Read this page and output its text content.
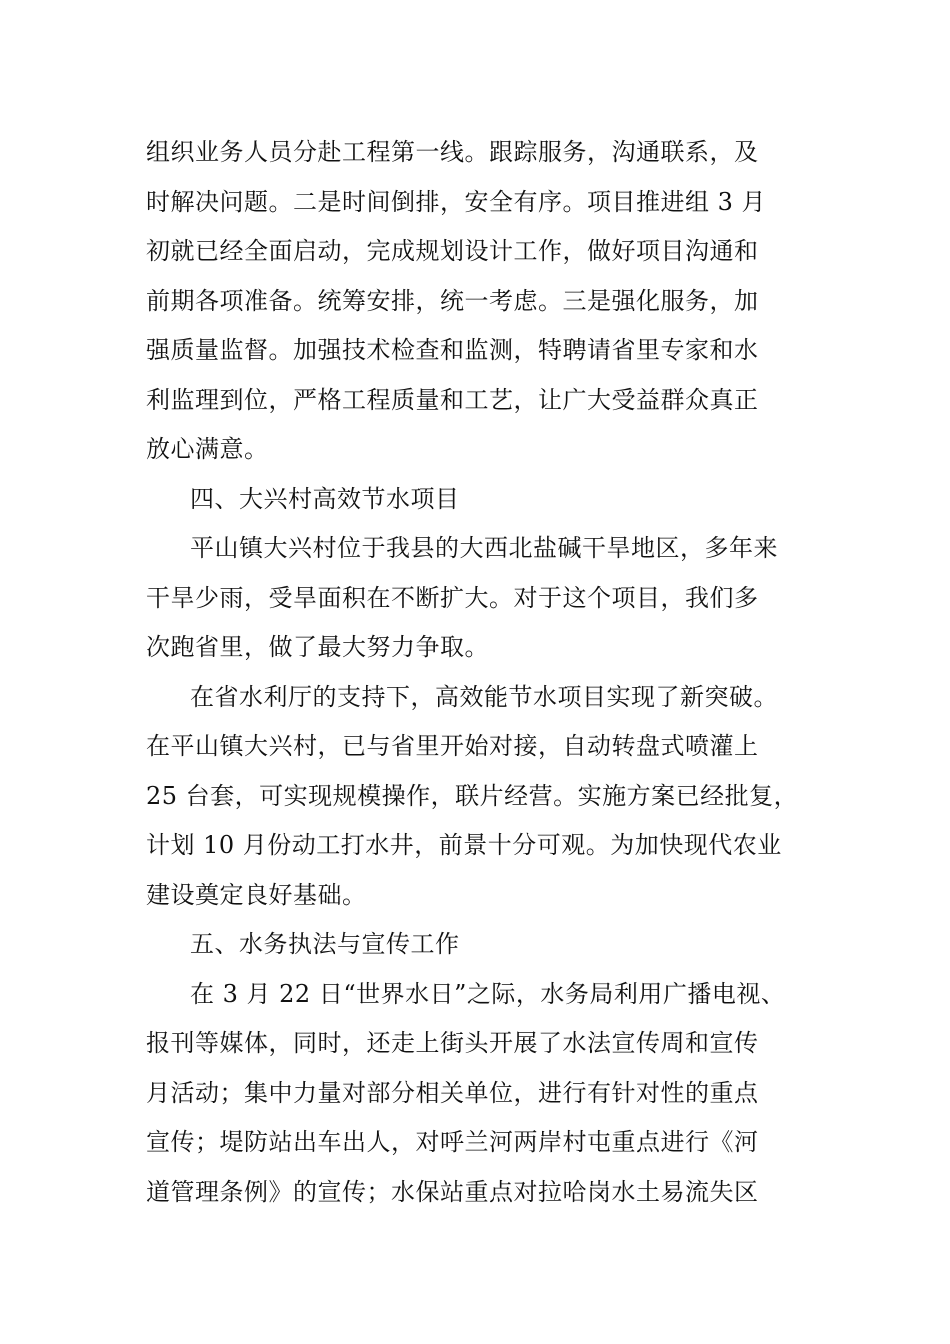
组织业务人员分赴工程第一线。跟踪服务，沟通联系，及
时解决问题。二是时间倒排，安全有序。项目推进组 3 月
初就已经全面启动，完成规划设计工作，做好项目沟通和
前期各项准备。统筹安排，统一考虑。三是强化服务，加
强质量监督。加强技术检查和监测，特聘请省里专家和水
利监理到位，严格工程质量和工艺，让广大受益群众真正
放心满意。
四、大兴村高效节水项目
平山镇大兴村位于我县的大西北盐碱干旱地区，多年来
干旱少雨，受旱面积在不断扩大。对于这个项目，我们多
次跑省里，做了最大努力争取。
在省水利厅的支持下，高效能节水项目实现了新突破。
在平山镇大兴村，已与省里开始对接，自动转盘式喷灌上
25 台套，可实现规模操作，联片经营。实施方案已经批复，
计划 10 月份动工打水井，前景十分可观。为加快现代农业
建设奠定良好基础。
五、水务执法与宣传工作
在 3 月 22 日“世界水日”之际，水务局利用广播电视、
报刊等媒体，同时，还走上街头开展了水法宣传周和宣传
月活动；集中力量对部分相关单位，进行有针对性的重点
宣传；堤防站出车出人，对呼兰河两岸村屯重点进行《河
道管理条例》的宣传；水保站重点对拉哈岗水土易流失区
